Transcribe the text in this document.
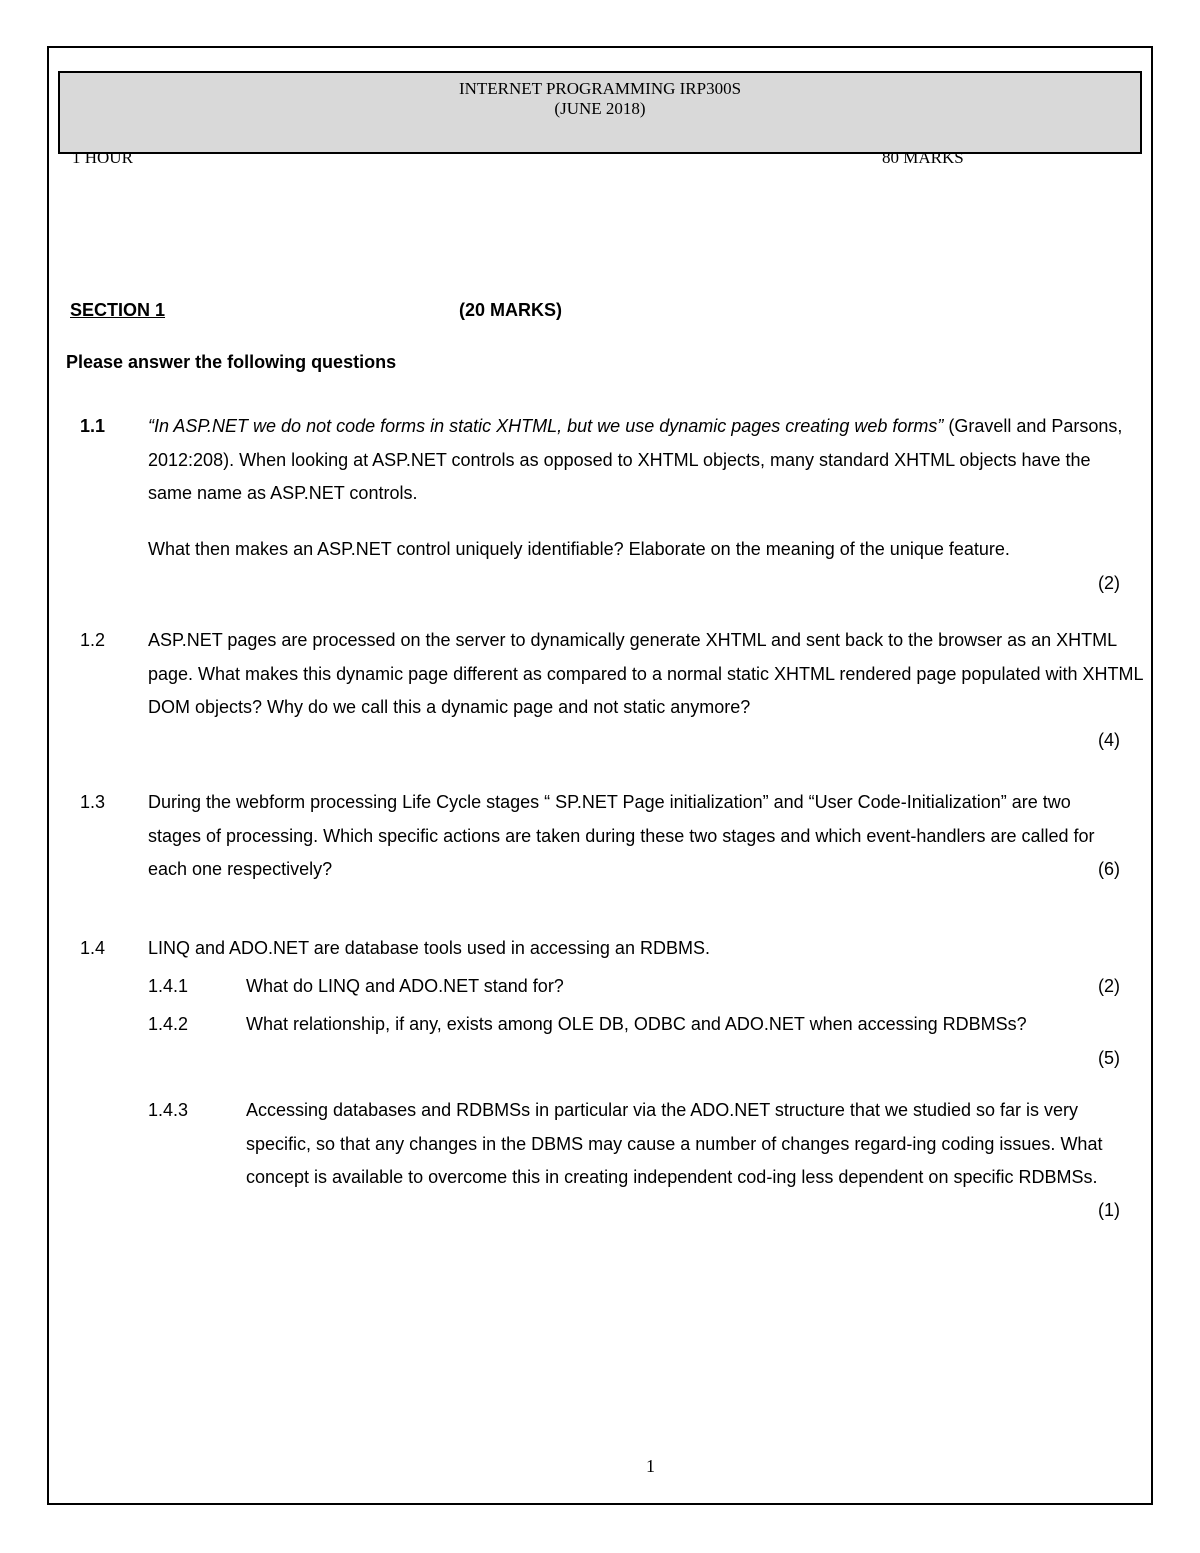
INTERNET PROGRAMMING IRP300S
(JUNE 2018)
1 HOUR	80 MARKS
SECTION 1	(20 MARKS)
Please answer the following questions
1.1 “In ASP.NET we do not code forms in static XHTML, but we use dynamic pages creating web forms” (Gravell and Parsons, 2012:208). When looking at ASP.NET controls as opposed to XHTML objects, many standard XHTML objects have the same name as ASP.NET controls.
What then makes an ASP.NET control uniquely identifiable? Elaborate on the meaning of the unique feature.
(2)
1.2 ASP.NET pages are processed on the server to dynamically generate XHTML and sent back to the browser as an XHTML page. What makes this dynamic page different as compared to a normal static XHTML rendered page populated with XHTML DOM objects? Why do we call this a dynamic page and not static anymore?
(4)
1.3 During the webform processing Life Cycle stages “ SP.NET Page initialization” and “User Code-Initialization” are two stages of processing. Which specific actions are taken during these two stages and which event-handlers are called for each one respectively?	(6)
1.4 LINQ and ADO.NET are database tools used in accessing an RDBMS.
1.4.1	What do LINQ and ADO.NET stand for?	(2)
1.4.2	What relationship, if any, exists among OLE DB, ODBC and ADO.NET when accessing RDBMSs?
(5)
1.4.3	Accessing databases and RDBMSs in particular via the ADO.NET structure that we studied so far is very specific, so that any changes in the DBMS may cause a number of changes regard-ing coding issues. What concept is available to overcome this in creating independent cod-ing less dependent on specific RDBMSs.
(1)
1
